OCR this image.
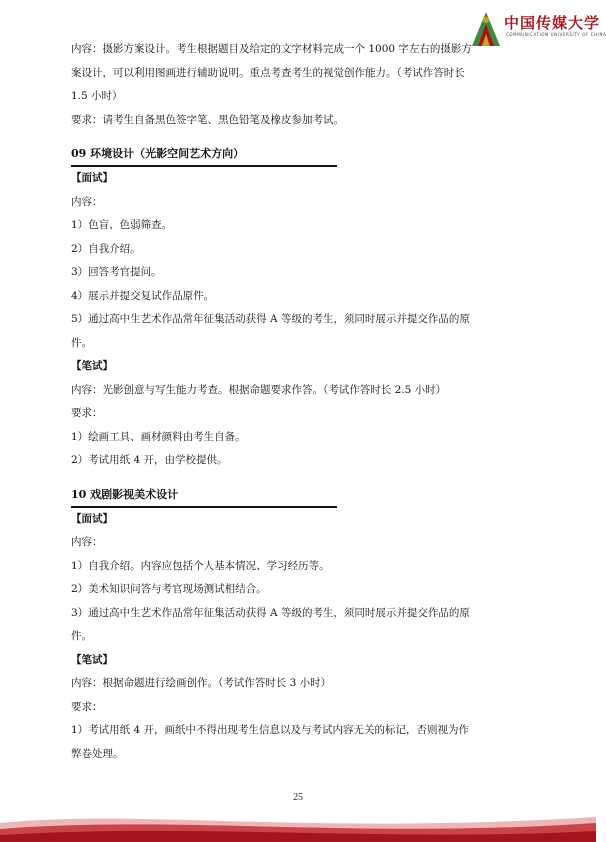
中国传媒大学
COMMUNICATION UNIVERSITY OF CHINA

内容：摄影方案设计。考生根据题目及给定的文字材料完成一个 1000 字左右的摄影方

案设计，可以利用图画进行辅助说明。重点考查考生的视觉创作能力。（考试作答时长

1.5 小时）

要求：请考生自备黑色签字笔、黑色铅笔及橡皮参加考试。

09 环境设计（光影空间艺术方向）

【面试】

内容：

1）色盲、色弱筛查。

2）自我介绍。

3）回答考官提问。

4）展示并提交复试作品原件。

5）通过高中生艺术作品常年征集活动获得 A 等级的考生，须同时展示并提交作品的原

件。

【笔试】

内容：光影创意与写生能力考查。根据命题要求作答。（考试作答时长 2.5 小时）

要求：

1）绘画工具、画材颜料由考生自备。

2）考试用纸 4 开，由学校提供。

10 戏剧影视美术设计

【面试】

内容：

1）自我介绍。内容应包括个人基本情况、学习经历等。

2）美术知识问答与考官现场测试相结合。

3）通过高中生艺术作品常年征集活动获得 A 等级的考生，须同时展示并提交作品的原

件。

【笔试】

内容：根据命题进行绘画创作。（考试作答时长 3 小时）

要求：

1）考试用纸 4 开，画纸中不得出现考生信息以及与考试内容无关的标记，否则视为作

弊卷处理。

25
